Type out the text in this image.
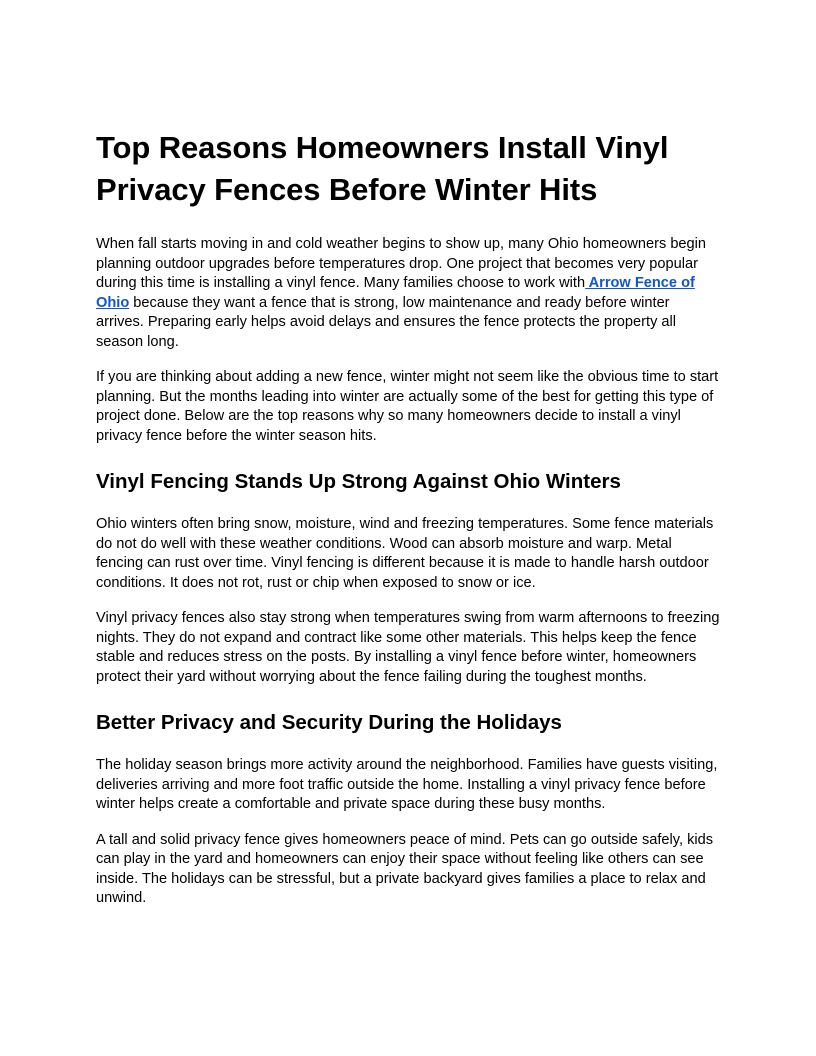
Top Reasons Homeowners Install Vinyl Privacy Fences Before Winter Hits

When fall starts moving in and cold weather begins to show up, many Ohio homeowners begin planning outdoor upgrades before temperatures drop. One project that becomes very popular during this time is installing a vinyl fence. Many families choose to work with Arrow Fence of Ohio because they want a fence that is strong, low maintenance and ready before winter arrives. Preparing early helps avoid delays and ensures the fence protects the property all season long.

If you are thinking about adding a new fence, winter might not seem like the obvious time to start planning. But the months leading into winter are actually some of the best for getting this type of project done. Below are the top reasons why so many homeowners decide to install a vinyl privacy fence before the winter season hits.

Vinyl Fencing Stands Up Strong Against Ohio Winters

Ohio winters often bring snow, moisture, wind and freezing temperatures. Some fence materials do not do well with these weather conditions. Wood can absorb moisture and warp. Metal fencing can rust over time. Vinyl fencing is different because it is made to handle harsh outdoor conditions. It does not rot, rust or chip when exposed to snow or ice.

Vinyl privacy fences also stay strong when temperatures swing from warm afternoons to freezing nights. They do not expand and contract like some other materials. This helps keep the fence stable and reduces stress on the posts. By installing a vinyl fence before winter, homeowners protect their yard without worrying about the fence failing during the toughest months.

Better Privacy and Security During the Holidays

The holiday season brings more activity around the neighborhood. Families have guests visiting, deliveries arriving and more foot traffic outside the home. Installing a vinyl privacy fence before winter helps create a comfortable and private space during these busy months.

A tall and solid privacy fence gives homeowners peace of mind. Pets can go outside safely, kids can play in the yard and homeowners can enjoy their space without feeling like others can see inside. The holidays can be stressful, but a private backyard gives families a place to relax and unwind.
